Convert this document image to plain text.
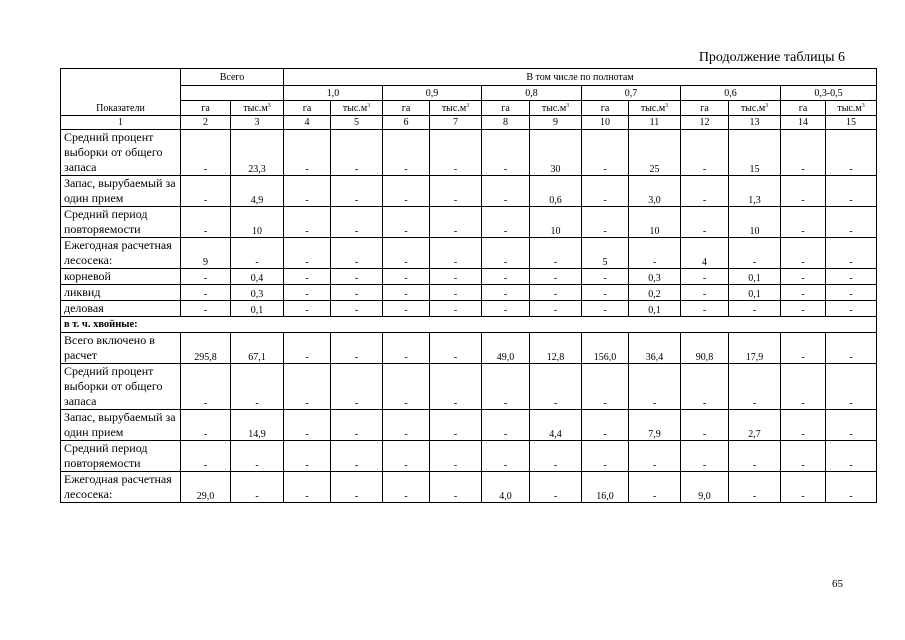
Продолжение таблицы 6
Показатели	Всего		В том числе по полнотам											
			1,0		0,9		0,8		0,7		0,6		0,3-0,5	
	га	$тыс.м^3$	га	$тыс.м^3$	га	$тыс.м^3$	га	$тыс.м^3$	га	$тыс.м^3$	га	$тыс.м^3$	га	$тыс.м^3$
1	2	3	4	5	6	7	8	9	10	11	12	13	14	15
Средний процент выборки от общего запаса	-	23,3	-	-	-	-	-	30	-	25	-	15	-	-
Запас, вырубаемый за один прием	-	4,9	-	-	-	-	-	0,6	-	3,0	-	1,3	-	-
Средний период повторяемости	-	10	-	-	-	-	-	10	-	10	-	10	-	-
Ежегодная расчетная лесосека:	9	-	-	-	-	-	-	-	5	-	4	-	-	-
корневой	-	0,4	-	-	-	-	-	-	-	0,3	-	0,1	-	-
ликвид	-	0,3	-	-	-	-	-	-	-	0,2	-	0,1	-	-
деловая	-	0,1	-	-	-	-	-	-	-	0,1	-	-	-	-
в т. ч. хвойные:														
Всего включено в расчет	295,8	67,1	-	-	-	-	49,0	12,8	156,0	36,4	90,8	17,9	-	-
Средний процент выборки от общего запаса	-	-	-	-	-	-	-	-	-	-	-	-	-	-
Запас, вырубаемый за один прием	-	14,9	-	-	-	-	-	4,4	-	7,9	-	2,7	-	-
Средний период повторяемости	-	-	-	-	-	-	-	-	-	-	-	-	-	-
Ежегодная расчетная лесосека:	29,0	-	-	-	-	-	4,0	-	16,0	-	9,0	-	-	-
65
